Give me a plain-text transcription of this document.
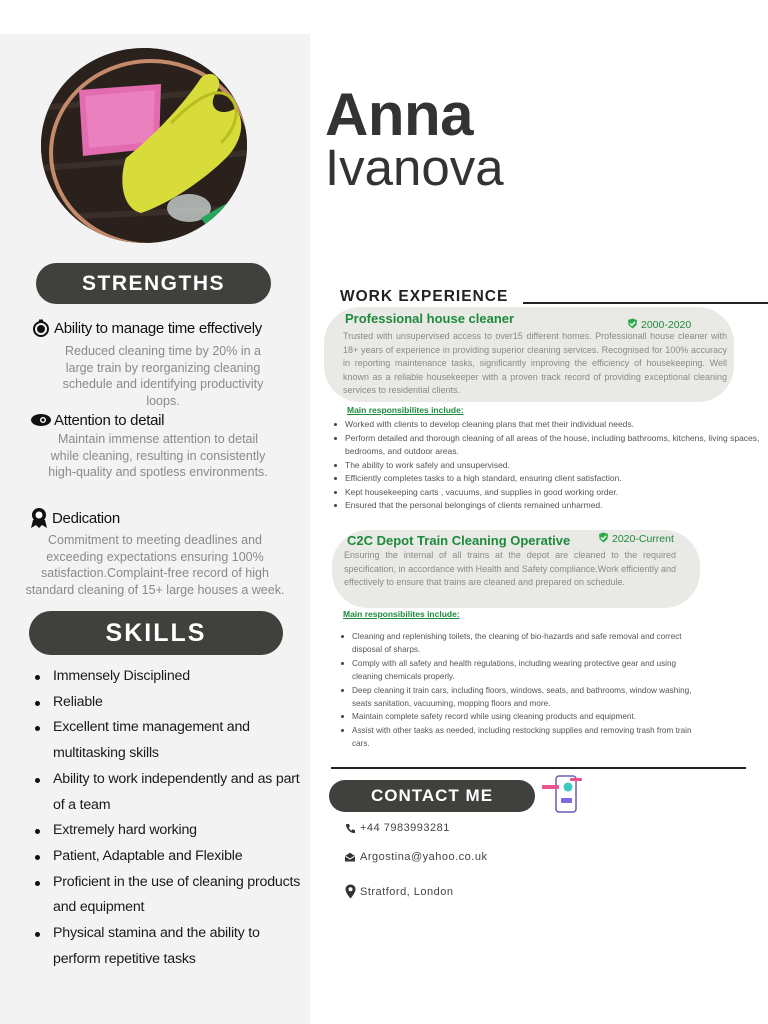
STRENGTHS
Ability to manage time effectively
Reduced cleaning time by 20% in a large train by reorganizing cleaning schedule and identifying productivity loops.
Attention to detail
Maintain immense attention to detail while cleaning, resulting in consistently high-quality and spotless environments.
Dedication
Commitment to meeting deadlines and exceeding expectations ensuring 100% satisfaction.Complaint-free record of high standard cleaning of 15+ large houses a week.
SKILLS
Immensely Disciplined
Reliable
Excellent time management and multitasking skills
Ability to work independently and as part of a team
Extremely hard working
Patient, Adaptable and Flexible
Proficient in the use of cleaning products and equipment
Physical stamina and the ability to perform repetitive tasks
Anna
Ivanova
WORK EXPERIENCE
Professional house cleaner	2000-2020
Trusted with unsupervised access to over15 different homes. Professionall house cleaner with 18+ years of experience in providing superior cleaning services. Recognised for 100% accuracy in reporting maintenance tasks, significantly improving the efficiency of housekeeping. Well known as a reliable housekeeper with a proven track record of providing exceptional cleaning services to residential clients.
Main responsibilites include:
Worked with clients to develop cleaning plans that met their individual needs.
Perform detailed and thorough cleaning of all areas of the house, including bathrooms, kitchens, living spaces, bedrooms, and outdoor areas.
The ability to work safely and unsupervised.
Efficiently completes tasks to a high standard, ensuring client satisfaction.
Kept housekeeping carts , vacuums, and supplies in good working order.
Ensured that the personal belongings of clients remained unharmed.
C2C Depot Train Cleaning Operative	2020-Current
Ensuring the internal of all trains at the depot are cleaned to the required specification, in accordance with Health and Safety compliance.Work efficiently and effectively to ensure that trains are cleaned and prepared on schedule.
Main responsibilites include:
Cleaning and replenishing toilets, the cleaning of bio-hazards and safe removal and correct disposal of sharps.
Comply with all safety and health regulations, including wearing protective gear and using cleaning chemicals properly.
Deep cleaning it train cars, including floors, windows, seats, and bathrooms, window washing, seats sanitation, vacuuming, mopping floors and more.
Maintain complete safety record while using cleaning products and equipment.
Assist with other tasks as needed, including restocking supplies and removing trash from train cars.
CONTACT ME
+44 7983993281
Argostina@yahoo.co.uk
Stratford, London
